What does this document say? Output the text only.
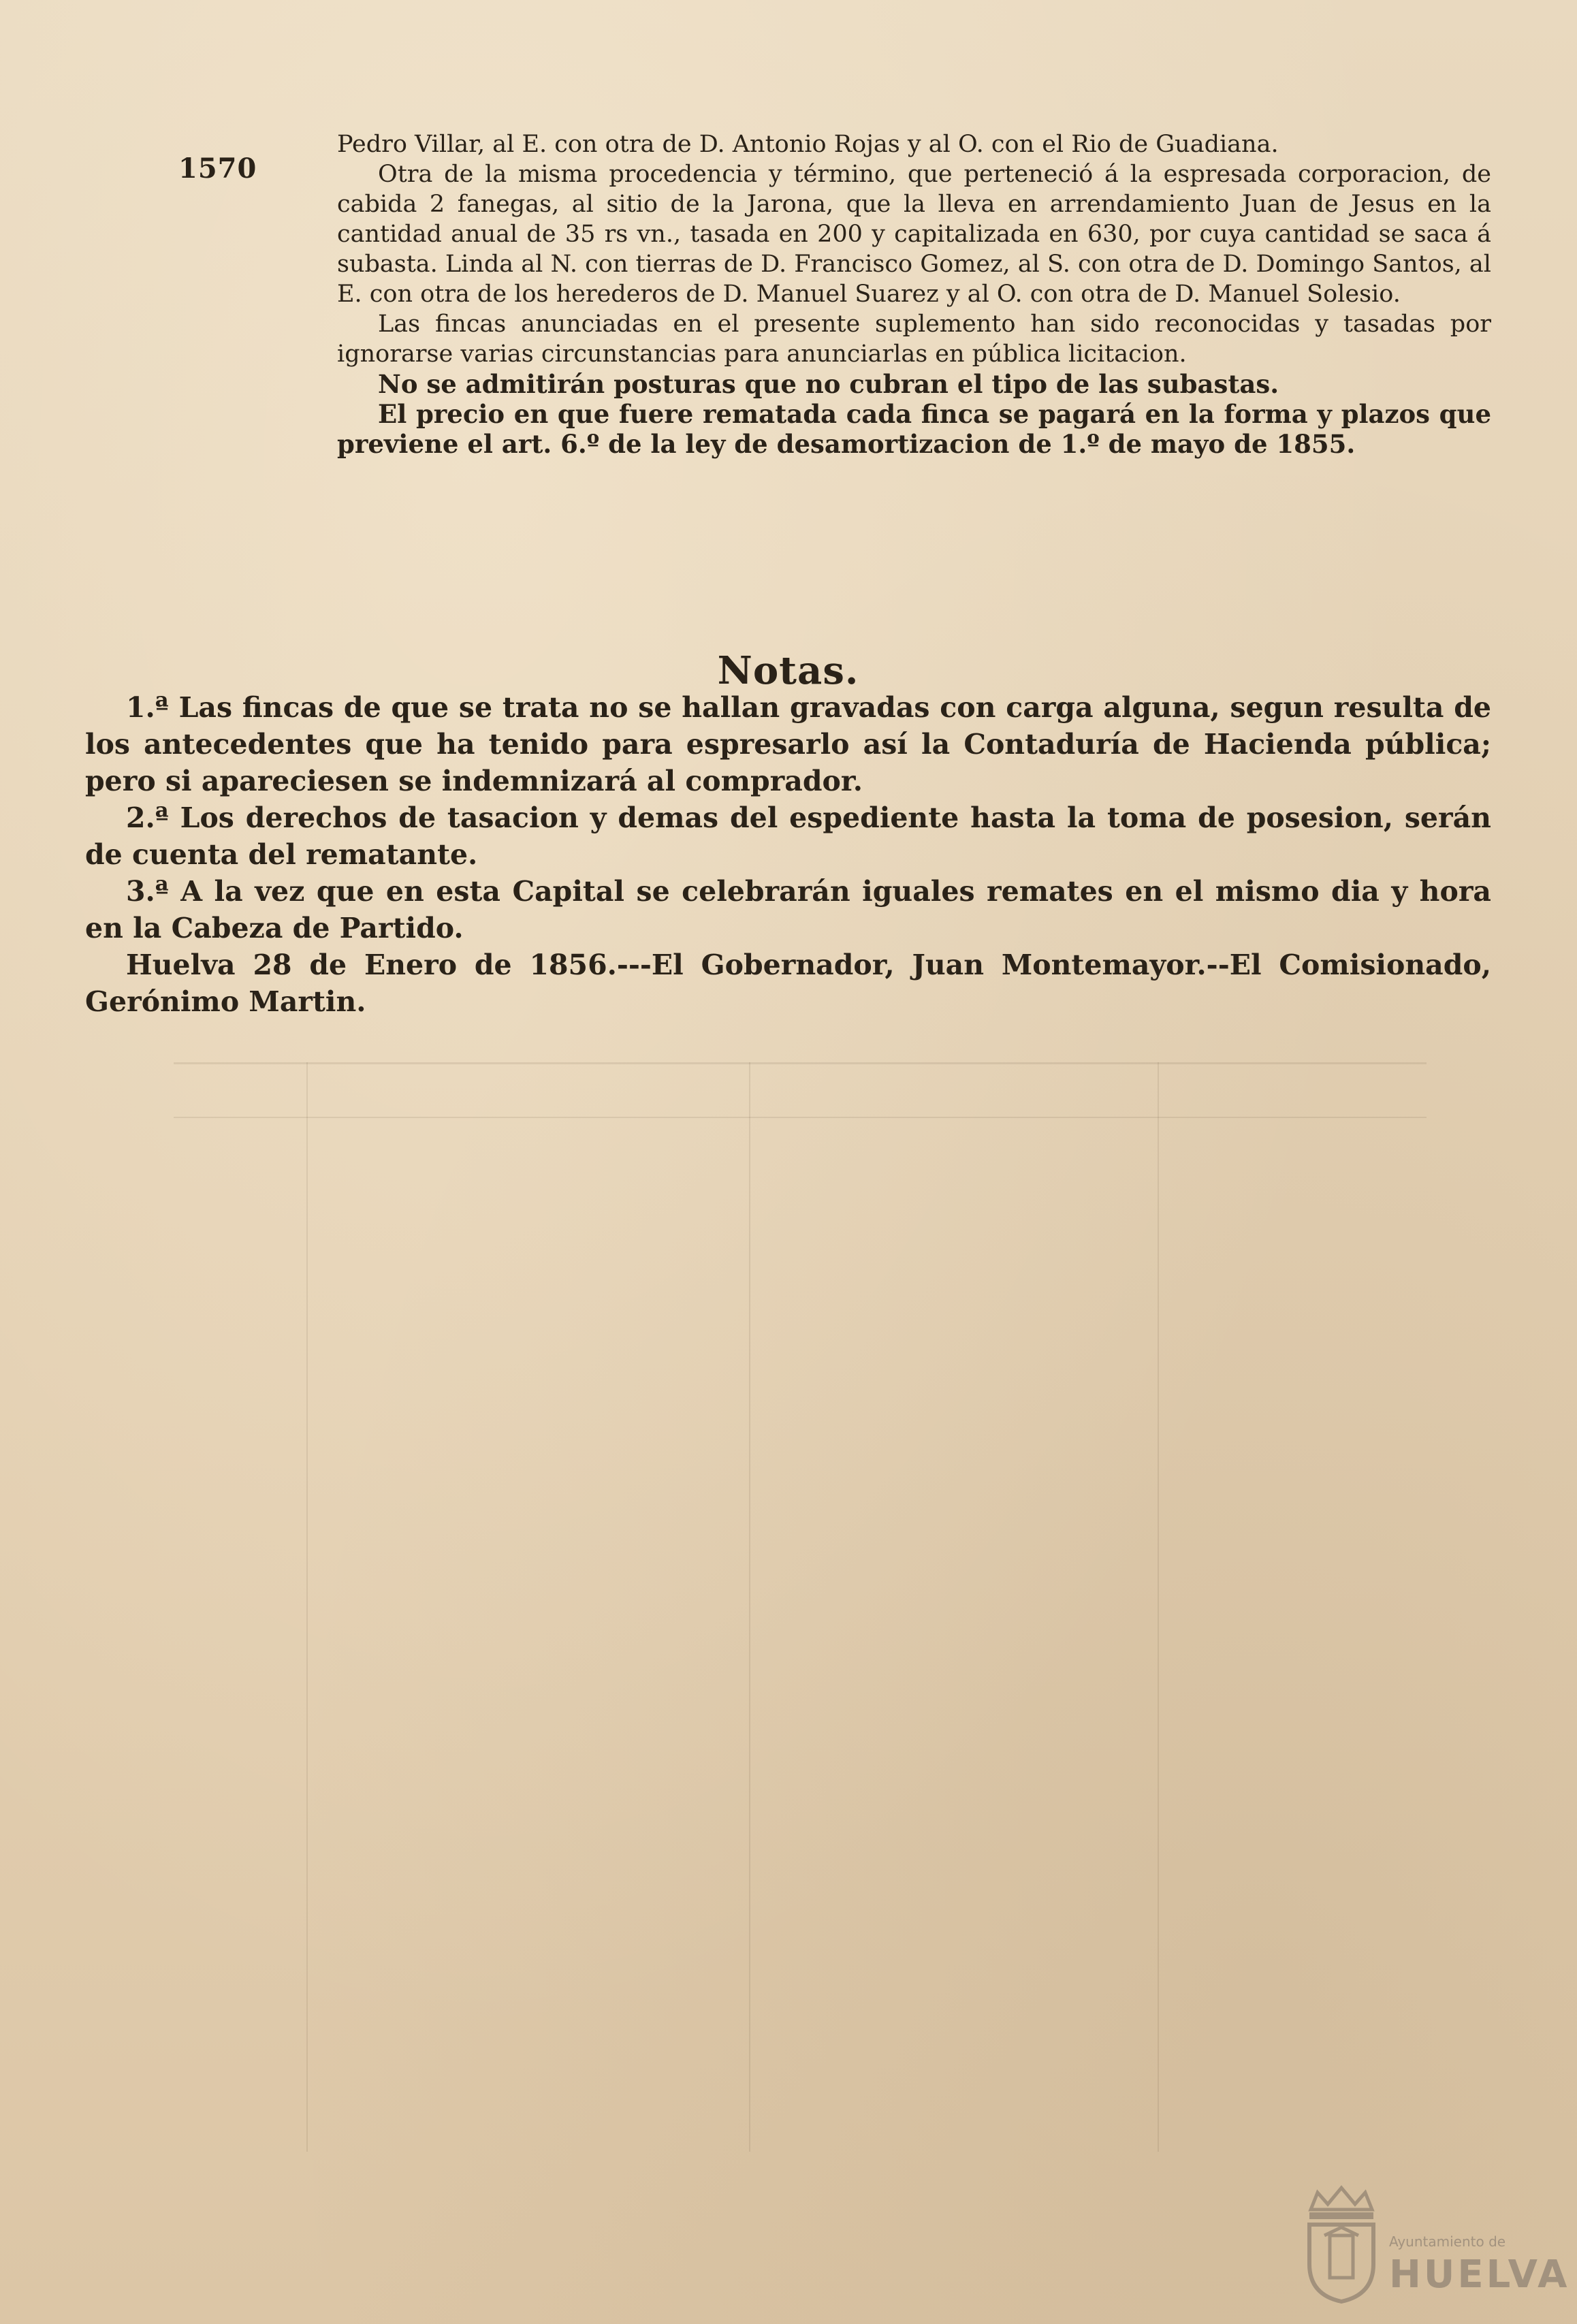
1570

Pedro Villar, al E. con otra de D. Antonio Rojas y al O. con el Rio de Guadiana.

Otra de la misma procedencia y término, que perteneció á la espresada corporacion, de cabida 2 fanegas, al sitio de la Jarona, que la lleva en arrendamiento Juan de Jesus en la cantidad anual de 35 rs vn., tasada en 200 y capitalizada en 630, por cuya cantidad se saca á subasta. Linda al N. con tierras de D. Francisco Gomez, al S. con otra de D. Domingo Santos, al E. con otra de los herederos de D. Manuel Suarez y al O. con otra de D. Manuel Solesio.

Las fincas anunciadas en el presente suplemento han sido reconocidas y tasadas por ignorarse varias circunstancias para anunciarlas en pública licitacion.

No se admitirán posturas que no cubran el tipo de las subastas.

El precio en que fuere rematada cada finca se pagará en la forma y plazos que previene el art. 6.º de la ley de desamortizacion de 1.º de mayo de 1855.

Notas.

1.ª Las fincas de que se trata no se hallan gravadas con carga alguna, segun resulta de los antecedentes que ha tenido para espresarlo así la Contaduría de Hacienda pública; pero si apareciesen se indemnizará al comprador.

2.ª Los derechos de tasacion y demas del espediente hasta la toma de posesion, serán de cuenta del rematante.

3.ª A la vez que en esta Capital se celebrarán iguales remates en el mismo dia y hora en la Cabeza de Partido.

Huelva 28 de Enero de 1856.---El Gobernador, Juan Montemayor.--El Comisionado, Gerónimo Martin.

Ayuntamiento de
HUELVA
